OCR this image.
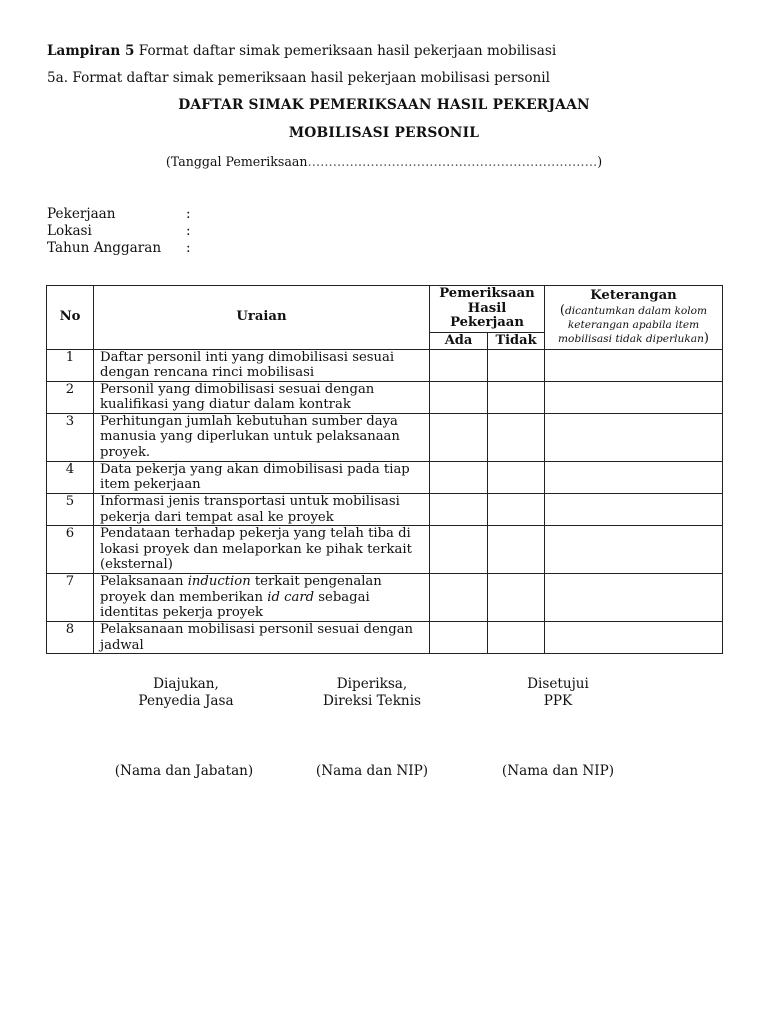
Lampiran 5 Format daftar simak pemeriksaan hasil pekerjaan mobilisasi
5a. Format daftar simak pemeriksaan hasil pekerjaan mobilisasi personil
DAFTAR SIMAK PEMERIKSAAN HASIL PEKERJAAN
MOBILISASI PERSONIL
(Tanggal Pemeriksaan……………………………………………………………)
Pekerjaan	:
Lokasi	:
Tahun Anggaran :
No	Uraian	Pemeriksaan Hasil Pekerjaan		Keterangan
(dicantumkan dalam kolom keterangan apabila item mobilisasi tidak diperlukan)

		Ada	Tidak	
1	Daftar personil inti yang dimobilisasi sesuai dengan rencana rinci mobilisasi			
2	Personil yang dimobilisasi sesuai dengan kualifikasi yang diatur dalam kontrak			
3	Perhitungan jumlah kebutuhan sumber daya manusia yang diperlukan untuk pelaksanaan proyek.			
4	Data pekerja yang akan dimobilisasi pada tiap item pekerjaan			
5	Informasi jenis transportasi untuk mobilisasi pekerja dari tempat asal ke proyek			
6	Pendataan terhadap pekerja yang telah tiba di lokasi proyek dan melaporkan ke pihak terkait (eksternal)			
7	Pelaksanaan induction terkait pengenalan proyek dan memberikan id card sebagai identitas pekerja proyek			
8	Pelaksanaan mobilisasi personil sesuai dengan jadwal			
Diajukan,
Penyedia Jasa
Diperiksa,
Direksi Teknis
Disetujui
PPK
(Nama dan Jabatan)	(Nama dan NIP)	(Nama dan NIP)
